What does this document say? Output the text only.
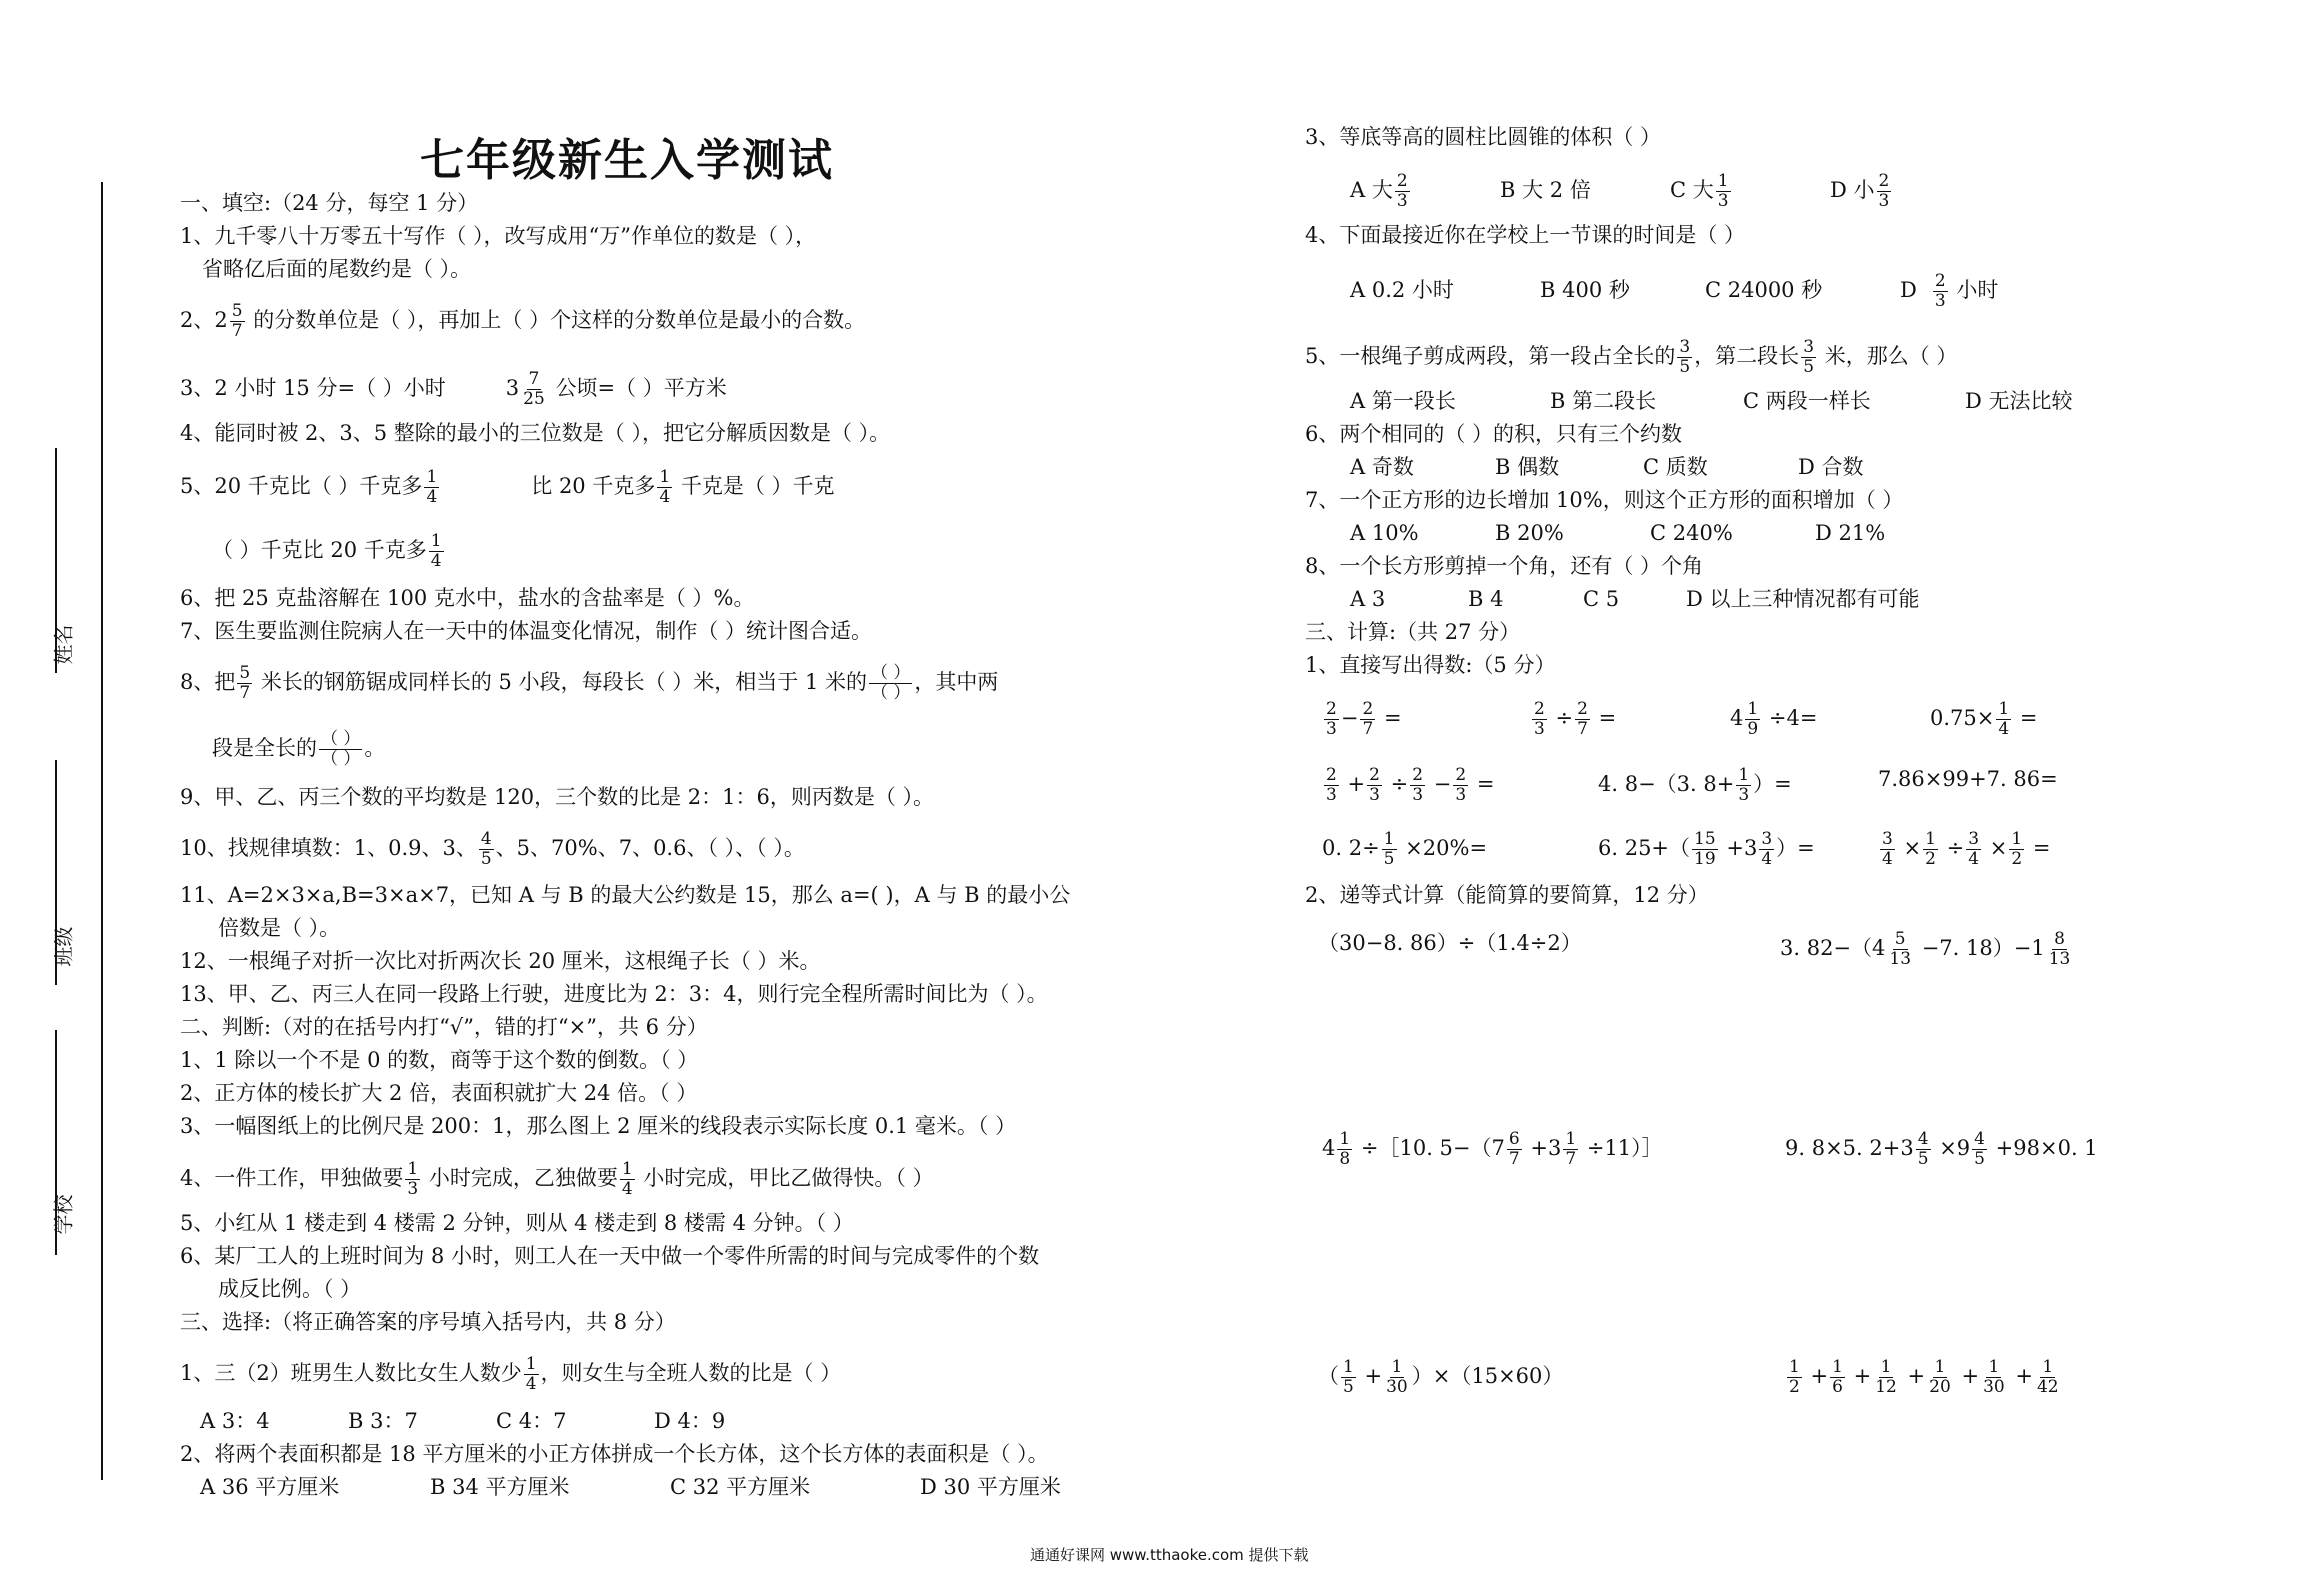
七年级新生入学测试
姓名
班级
学校
一、填空:（24 分，每空 1 分）
1、九千零八十万零五十写作（ ），改写成用“万”作单位的数是（ ），
省略亿后面的尾数约是（ ）。
2、$2 \frac{5}{7}$ 的分数单位是（ ），再加上（ ）个这样的分数单位是最小的合数。
3、2 小时 15 分=（ ）小时	$3 \frac{7}{25}$ 公顷=（ ）平方米
4、能同时被 2、3、5 整除的最小的三位数是（ ），把它分解质因数是（ ）。
5、20 千克比（ ）千克多 $\frac{1}{4}$	比 20 千克多 $\frac{1}{4}$ 千克是（ ）千克
（ ）千克比 20 千克多 $\frac{1}{4}$
6、把 25 克盐溶解在 100 克水中，盐水的含盐率是（ ）%。
7、医生要监测住院病人在一天中的体温变化情况，制作（ ）统计图合适。
8、把 $\frac{5}{7}$ 米长的钢筋锯成同样长的 5 小段，每段长（ ）米，相当于 1 米的 $\frac{( )}{( )}$ ，其中两
段是全长的 $\frac{( )}{( )}$ 。
9、甲、乙、丙三个数的平均数是 120，三个数的比是 2：1：6，则丙数是（ ）。
10、找规律填数：1、0.9、3、 $\frac{4}{5}$ 、5、70%、7、0.6、（ ）、（ ）。
11、A=2×3×a,B=3×a×7，已知 A 与 B 的最大公约数是 15，那么 a=( )，A 与 B 的最小公
倍数是（ ）。
12、一根绳子对折一次比对折两次长 20 厘米，这根绳子长（ ）米。
13、甲、乙、丙三人在同一段路上行驶，进度比为 2：3：4，则行完全程所需时间比为（ ）。
二、判断:（对的在括号内打“√”，错的打“×”，共 6 分）
1、1 除以一个不是 0 的数，商等于这个数的倒数。（ ）
2、正方体的棱长扩大 2 倍，表面积就扩大 24 倍。（ ）
3、一幅图纸上的比例尺是 200：1，那么图上 2 厘米的线段表示实际长度 0.1 毫米。（ ）
4、一件工作，甲独做要 $\frac{1}{3}$ 小时完成，乙独做要 $\frac{1}{4}$ 小时完成，甲比乙做得快。（ ）
5、小红从 1 楼走到 4 楼需 2 分钟，则从 4 楼走到 8 楼需 4 分钟。（ ）
6、某厂工人的上班时间为 8 小时，则工人在一天中做一个零件所需的时间与完成零件的个数
成反比例。（ ）
三、选择:（将正确答案的序号填入括号内，共 8 分）
1、三（2）班男生人数比女生人数少 $\frac{1}{4}$ ，则女生与全班人数的比是（ ）
A 3：4	B 3：7	C 4：7	D 4：9
2、将两个表面积都是 18 平方厘米的小正方体拼成一个长方体，这个长方体的表面积是（ ）。
A 36 平方厘米	B 34 平方厘米	C 32 平方厘米	D 30 平方厘米
3、等底等高的圆柱比圆锥的体积（ ）
A 大 $\frac{2}{3}$	B 大 2 倍	C 大 $\frac{1}{3}$	D 小 $\frac{2}{3}$
4、下面最接近你在学校上一节课的时间是（ ）
A 0.2 小时	B 400 秒	C 24000 秒	D $\frac{2}{3}$ 小时
5、一根绳子剪成两段，第一段占全长的 $\frac{3}{5}$ ，第二段长 $\frac{3}{5}$ 米，那么（ ）
A 第一段长	B 第二段长	C 两段一样长	D 无法比较
6、两个相同的（ ）的积，只有三个约数
A 奇数	B 偶数	C 质数	D 合数
7、一个正方形的边长增加 10%，则这个正方形的面积增加（ ）
A 10%	B 20%	C 240%	D 21%
8、一个长方形剪掉一个角，还有（ ）个角
A 3	B 4	C 5	D 以上三种情况都有可能
三、计算:（共 27 分）
1、直接写出得数:（5 分）
$\frac{2}{3} - \frac{2}{7}$ =	$\frac{2}{3} \div \frac{2}{7}$ =	$4 \frac{1}{9} \div 4=$	$0.75\times \frac{1}{4}$ =
$\frac{2}{3} + \frac{2}{3} \div \frac{2}{3} - \frac{2}{3}$ =	4. 8−（3. $8+ \frac{1}{3}$ ）=	7.86×99+7. 86=
0. $2\div \frac{1}{5} \times 20\%=$	6. $25+( \frac{15}{19} +3 \frac{3}{4}$ ）=	$\frac{3}{4} \times \frac{1}{2} \div \frac{3}{4} \times \frac{1}{2}$ =
2、递等式计算（能简算的要简算，12 分）
（30−8. 86）÷（1.4÷2）	3. $82-(4 \frac{5}{13} -7$. $18)-1 \frac{8}{13}$
$4 \frac{1}{8}$ ÷［10. $5-(7 \frac{6}{7} +3 \frac{1}{7}$ ÷11）］	9. 8×5. $2+3 \frac{4}{5} \times 9 \frac{4}{5} +98\times 0$. 1
（ $\frac{1}{5} + \frac{1}{30} )\times(15\times 60)$	$\frac{1}{2} + \frac{1}{6} + \frac{1}{12} + \frac{1}{20} + \frac{1}{30} + \frac{1}{42}$
通通好课网 www.tthaoke.com 提供下载
